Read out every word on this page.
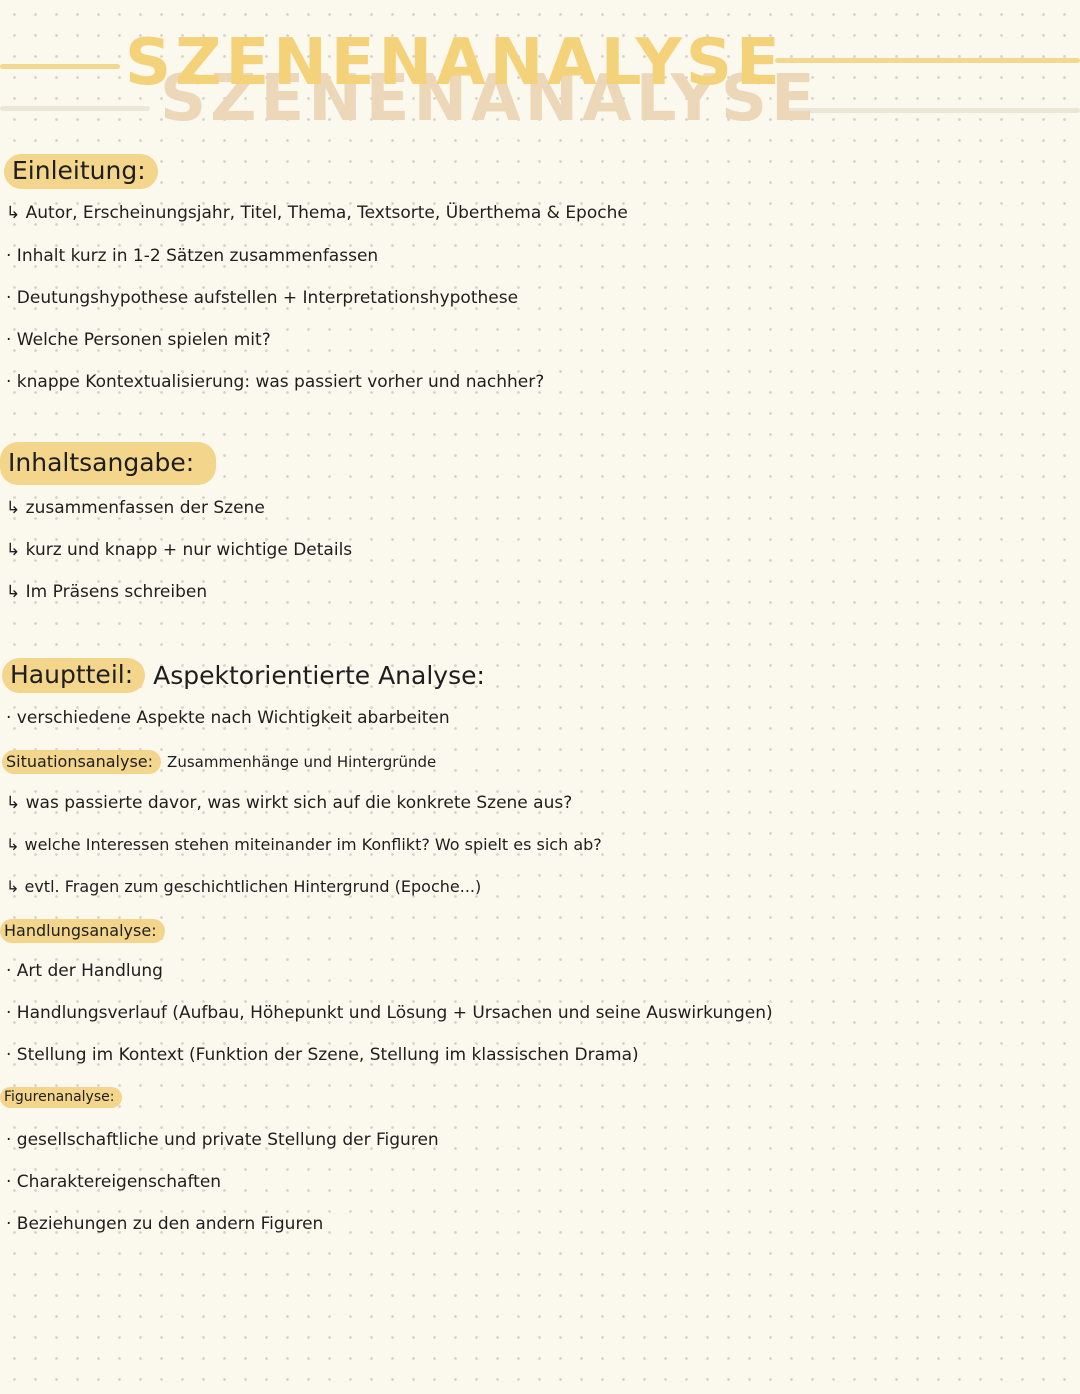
SZENENANALYSE
Einleitung:
↳ Autor, Erscheinungsjahr, Titel, Thema, Textsorte, Überthema & Epoche
· Inhalt kurz in 1-2 Sätzen zusammenfassen
· Deutungshypothese aufstellen + Interpretationshypothese
· Welche Personen spielen mit?
· knappe Kontextualisierung: was passiert vorher und nachher?
Inhaltsangabe:
↳ zusammenfassen der Szene
↳ kurz und knapp + nur wichtige Details
↳ Im Präsens schreiben
Hauptteil: Aspektorientierte Analyse:
· verschiedene Aspekte nach Wichtigkeit abarbeiten
Situationsanalyse: Zusammenhänge und Hintergründe
↳ was passierte davor, was wirkt sich auf die konkrete Szene aus?
↳ welche Interessen stehen miteinander im Konflikt? Wo spielt es sich ab?
↳ evtl. Fragen zum geschichtlichen Hintergrund (Epoche...)
Handlungsanalyse:
· Art der Handlung
· Handlungsverlauf (Aufbau, Höhepunkt und Lösung + Ursachen und seine Auswirkungen)
· Stellung im Kontext (Funktion der Szene, Stellung im klassischen Drama)
Figurenanalyse:
· gesellschaftliche und private Stellung der Figuren
· Charaktereigenschaften
· Beziehungen zu den andern Figuren
